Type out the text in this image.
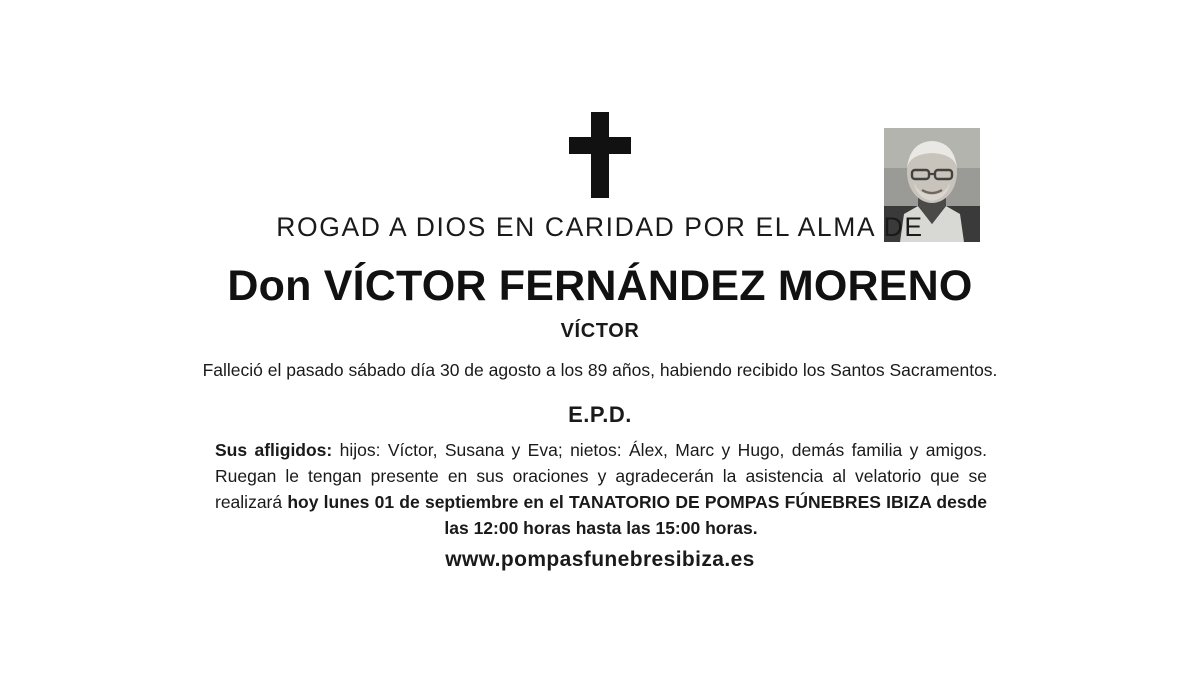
ROGAD A DIOS EN CARIDAD POR EL ALMA DE
Don VÍCTOR FERNÁNDEZ MORENO
VÍCTOR
Falleció el pasado sábado día 30 de agosto a los 89 años, habiendo recibido los Santos Sacramentos.
E.P.D.
Sus afligidos: hijos: Víctor, Susana y Eva; nietos: Álex, Marc y Hugo, demás familia y amigos. Ruegan le tengan presente en sus oraciones y agradecerán la asistencia al velatorio que se realizará hoy lunes 01 de septiembre en el TANATORIO DE POMPAS FÚNEBRES IBIZA desde las 12:00 horas hasta las 15:00 horas.
www.pompasfunebresibiza.es
